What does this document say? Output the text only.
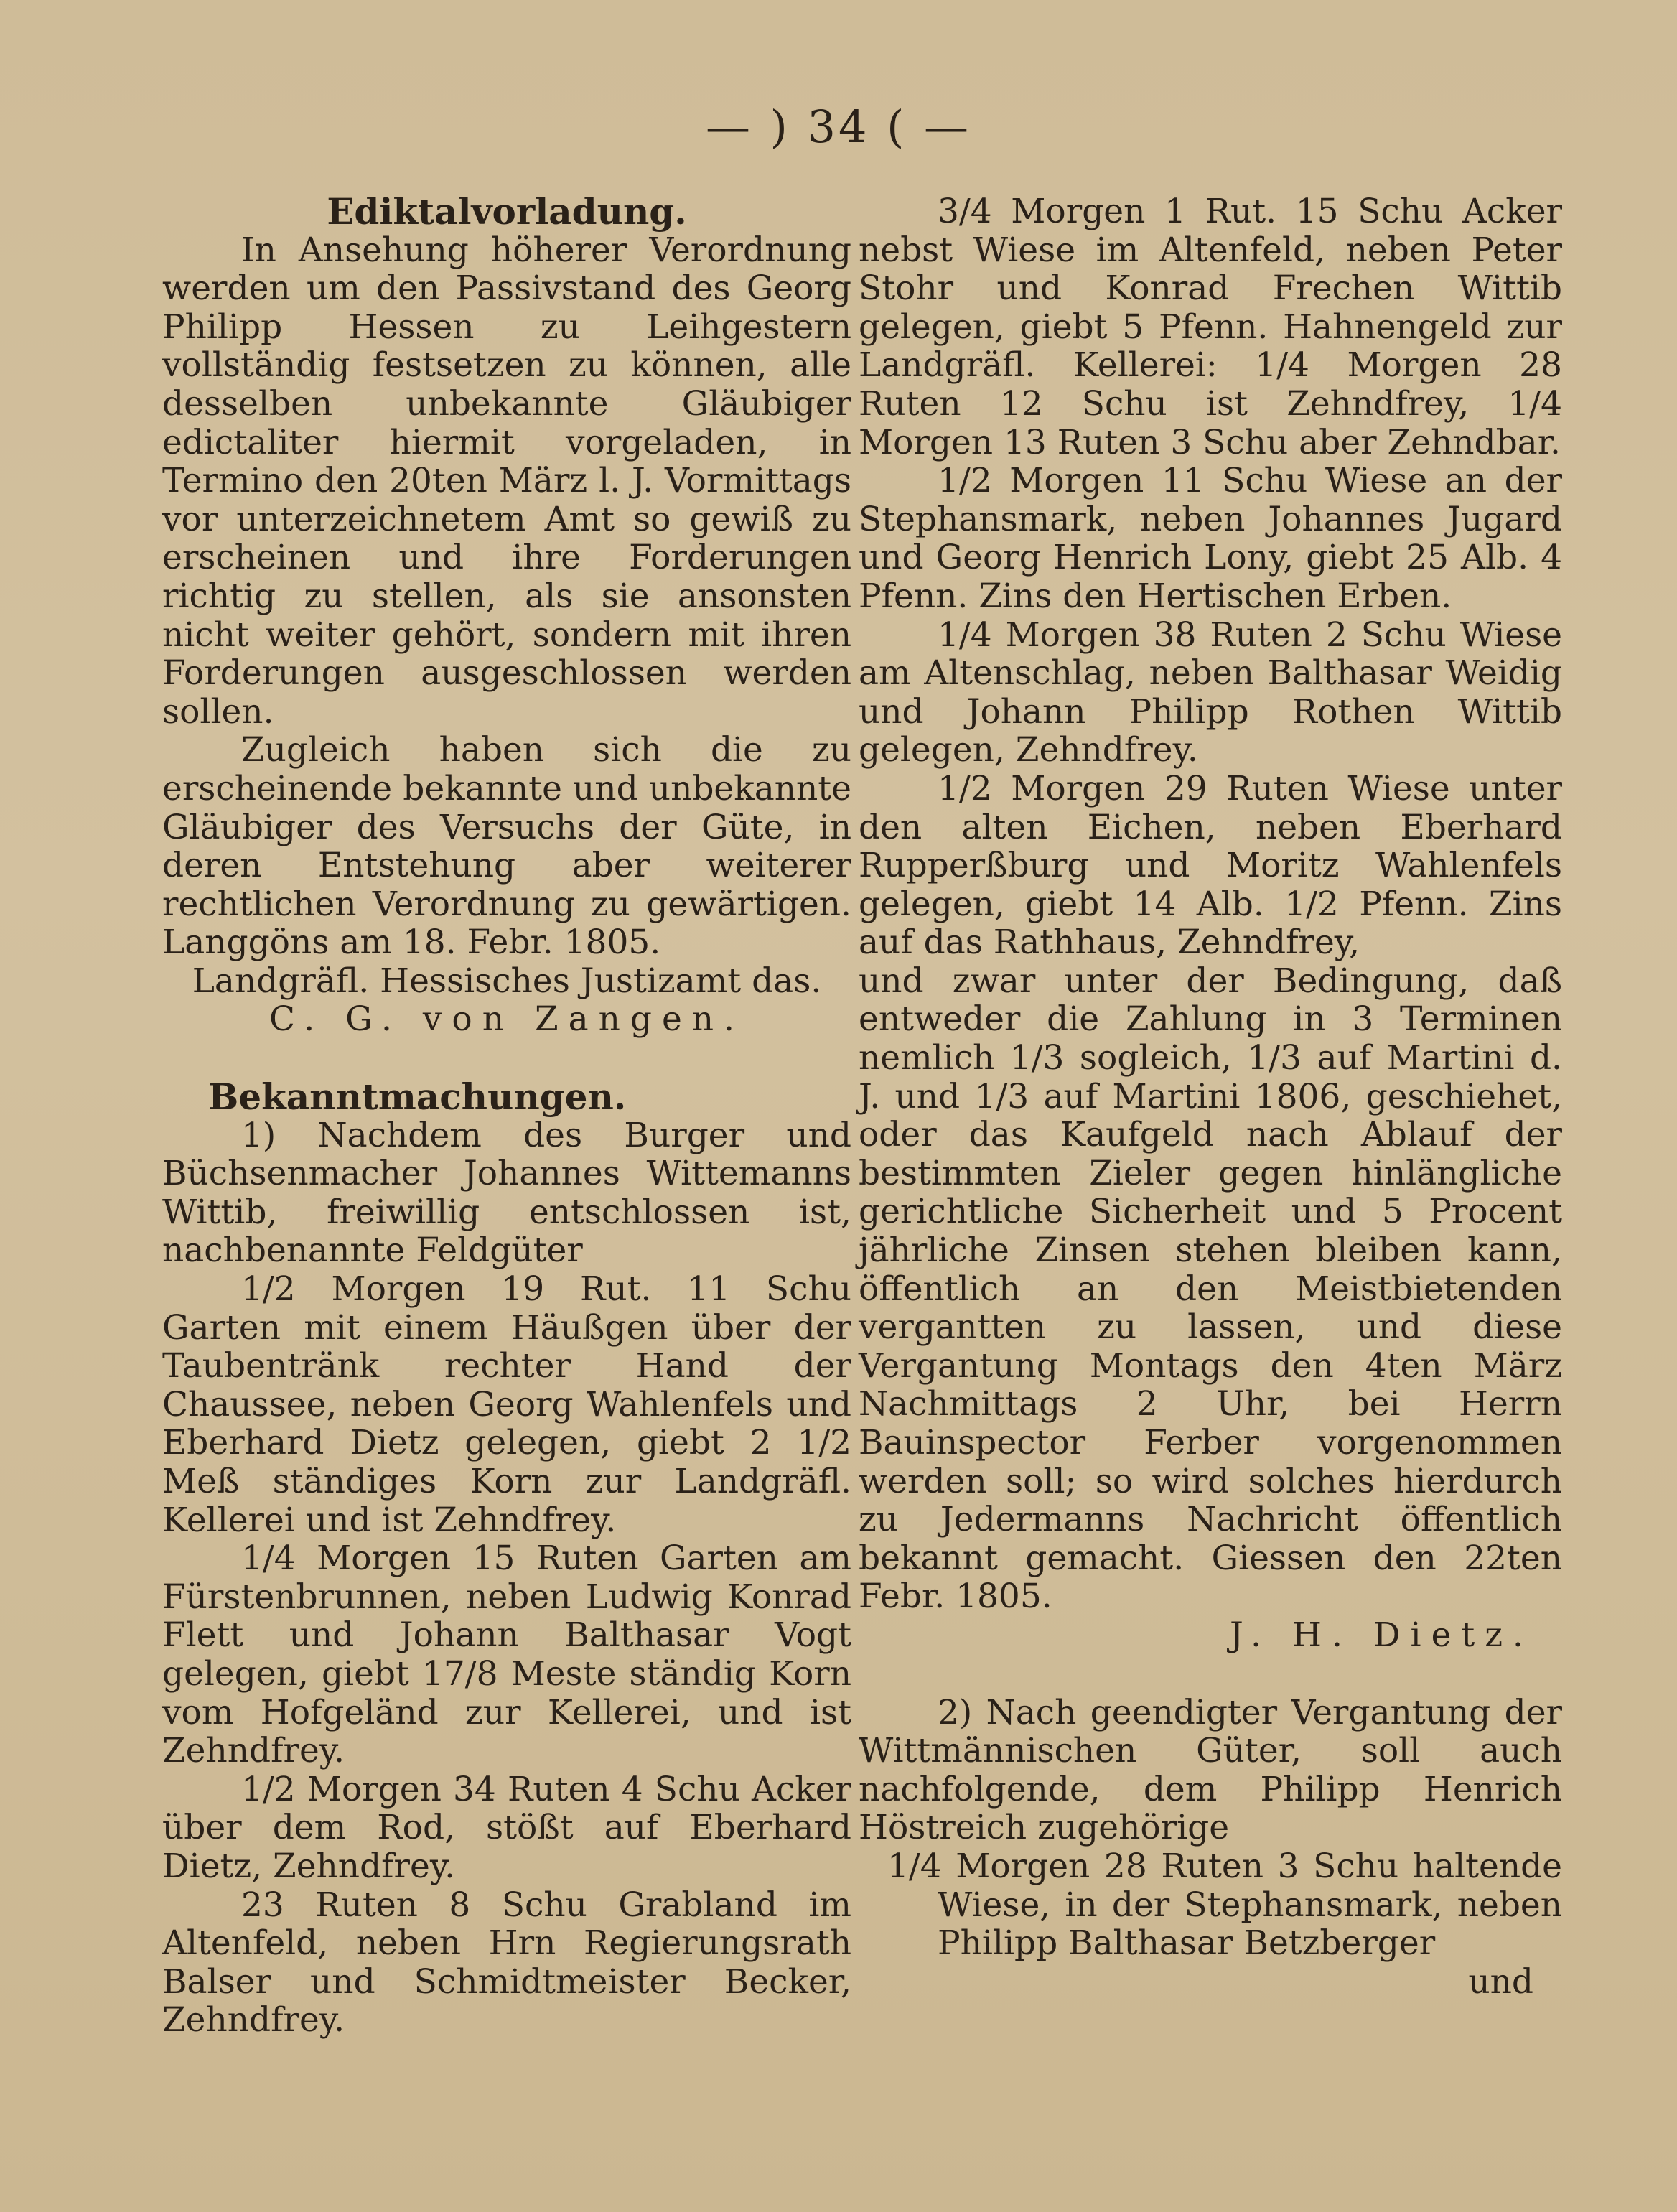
— ) 34 ( —

Ediktalvorladung.

In Ansehung höherer Verordnung werden um den Passivstand des Georg Philipp Hessen zu Leihgestern vollständig festsetzen zu können, alle desselben unbekannte Gläubiger edictaliter hiermit vorgeladen, in Termino den 20ten März l. J. Vormittags vor unterzeichnetem Amt so gewiß zu erscheinen und ihre Forderungen richtig zu stellen, als sie ansonsten nicht weiter gehört, sondern mit ihren Forderungen ausgeschlossen werden sollen.

Zugleich haben sich die zu erscheinende bekannte und unbekannte Gläubiger des Versuchs der Güte, in deren Entstehung aber weiterer rechtlichen Verordnung zu gewärtigen. Langgöns am 18. Febr. 1805.

Landgräfl. Hessisches Justizamt das.

C. G. von Zangen.

Bekanntmachungen.

1) Nachdem des Burger und Büchsenmacher Johannes Wittemanns Wittib, freiwillig entschlossen ist, nachbenannte Feldgüter

1/2 Morgen 19 Rut. 11 Schu Garten mit einem Häußgen über der Taubentränk rechter Hand der Chaussee, neben Georg Wahlenfels und Eberhard Dietz gelegen, giebt 2 1/2 Meß ständiges Korn zur Landgräfl. Kellerei und ist Zehndfrey.

1/4 Morgen 15 Ruten Garten am Fürstenbrunnen, neben Ludwig Konrad Flett und Johann Balthasar Vogt gelegen, giebt 17/8 Meste ständig Korn vom Hofgeländ zur Kellerei, und ist Zehndfrey.

1/2 Morgen 34 Ruten 4 Schu Acker über dem Rod, stößt auf Eberhard Dietz, Zehndfrey.

23 Ruten 8 Schu Grabland im Altenfeld, neben Hrn Regierungsrath Balser und Schmidtmeister Becker, Zehndfrey.

3/4 Morgen 1 Rut. 15 Schu Acker nebst Wiese im Altenfeld, neben Peter Stohr und Konrad Frechen Wittib gelegen, giebt 5 Pfenn. Hahnengeld zur Landgräfl. Kellerei: 1/4 Morgen 28 Ruten 12 Schu ist Zehndfrey, 1/4 Morgen 13 Ruten 3 Schu aber Zehndbar.

1/2 Morgen 11 Schu Wiese an der Stephansmark, neben Johannes Jugard und Georg Henrich Lony, giebt 25 Alb. 4 Pfenn. Zins den Hertischen Erben.

1/4 Morgen 38 Ruten 2 Schu Wiese am Altenschlag, neben Balthasar Weidig und Johann Philipp Rothen Wittib gelegen, Zehndfrey.

1/2 Morgen 29 Ruten Wiese unter den alten Eichen, neben Eberhard Rupperßburg und Moritz Wahlenfels gelegen, giebt 14 Alb. 1/2 Pfenn. Zins auf das Rathhaus, Zehndfrey,

und zwar unter der Bedingung, daß entweder die Zahlung in 3 Terminen nemlich 1/3 sogleich, 1/3 auf Martini d. J. und 1/3 auf Martini 1806, geschiehet, oder das Kaufgeld nach Ablauf der bestimmten Zieler gegen hinlängliche gerichtliche Sicherheit und 5 Procent jährliche Zinsen stehen bleiben kann, öffentlich an den Meistbietenden vergantten zu lassen, und diese Vergantung Montags den 4ten März Nachmittags 2 Uhr, bei Herrn Bauinspector Ferber vorgenommen werden soll; so wird solches hierdurch zu Jedermanns Nachricht öffentlich bekannt gemacht. Giessen den 22ten Febr. 1805.

J. H. Dietz.

2) Nach geendigter Vergantung der Wittmännischen Güter, soll auch nachfolgende, dem Philipp Henrich Höstreich zugehörige

1/4 Morgen 28 Ruten 3 Schu haltende Wiese, in der Stephansmark, neben Philipp Balthasar Betzberger

und
